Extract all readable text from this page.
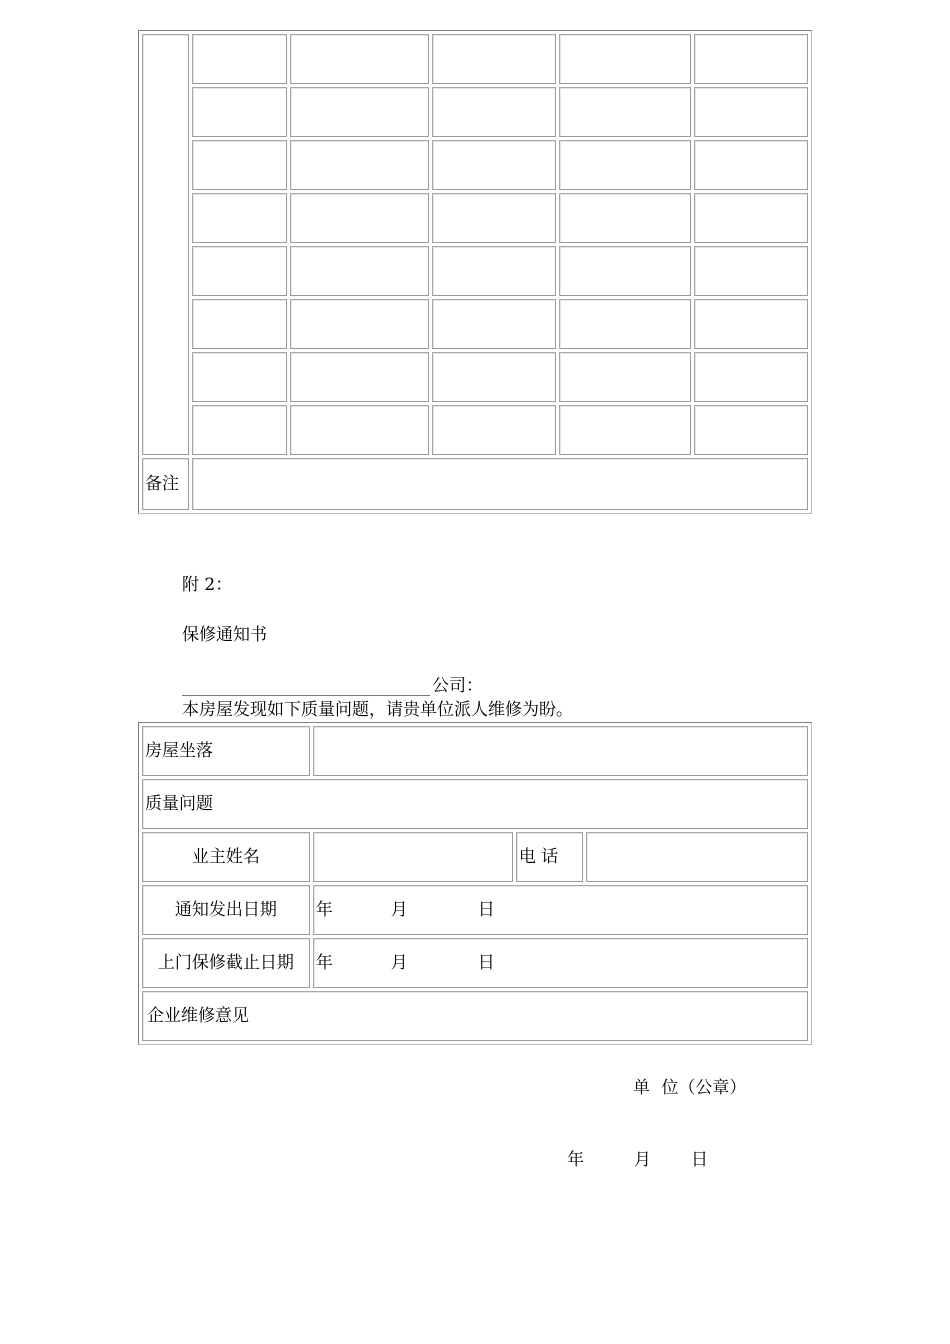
备注					
附 2：
保修通知书
公司：
本房屋发现如下质量问题，请贵单位派人维修为盼。
房屋坐落			
质量问题			
业主姓名		电 话	
通知发出日期	年 月 日		
上门保修截止日期	年 月 日		

企业维修意见
单 位（公章）
年 月 日			
